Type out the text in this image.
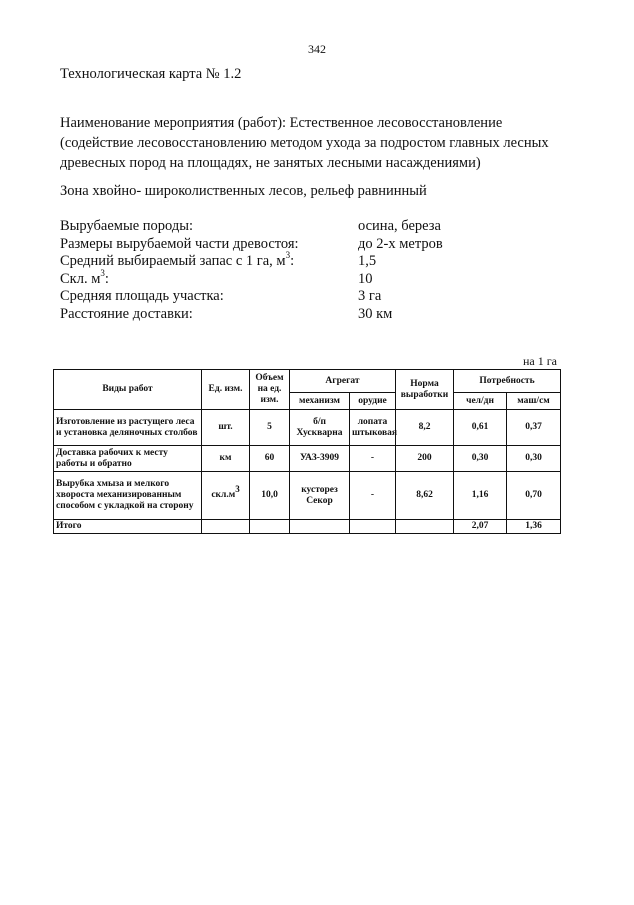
342
Технологическая карта № 1.2
Наименование мероприятия (работ): Естественное лесовосстановление
(содействие лесовосстановлению методом ухода за подростом главных лесных
древесных пород на площадях, не занятых лесными насаждениями)
Зона хвойно- широколиственных лесов, рельеф равнинный
Вырубаемые породы:	осина, береза
Размеры вырубаемой части древостоя:	до 2-х метров
Средний выбираемый запас с 1 га, $м^3$:	1,5
Скл. $м^3$:	10
Средняя площадь участка:	3 га
Расстояние доставки:	30 км
на 1 га
Виды работ	Ед. изм.	Объем на ед. изм.	Агрегат		Норма выработки	Потребность	
			механизм	орудие		чел/дн	маш/см
Изготовление из растущего леса и установка деляночных столбов	шт.	5	б/п Хускварна	лопата штыковая	8,2	0,61	0,37
Доставка рабочих к месту работы и обратно	км	60	УАЗ-3909	-	200	0,30	0,30
Вырубка хмыза и мелкого хвороста механизированным способом с укладкой на сторону	$скл.м^3$	10,0	кусторез Секор	-	8,62	1,16	0,70
Итого						2,07	1,36
